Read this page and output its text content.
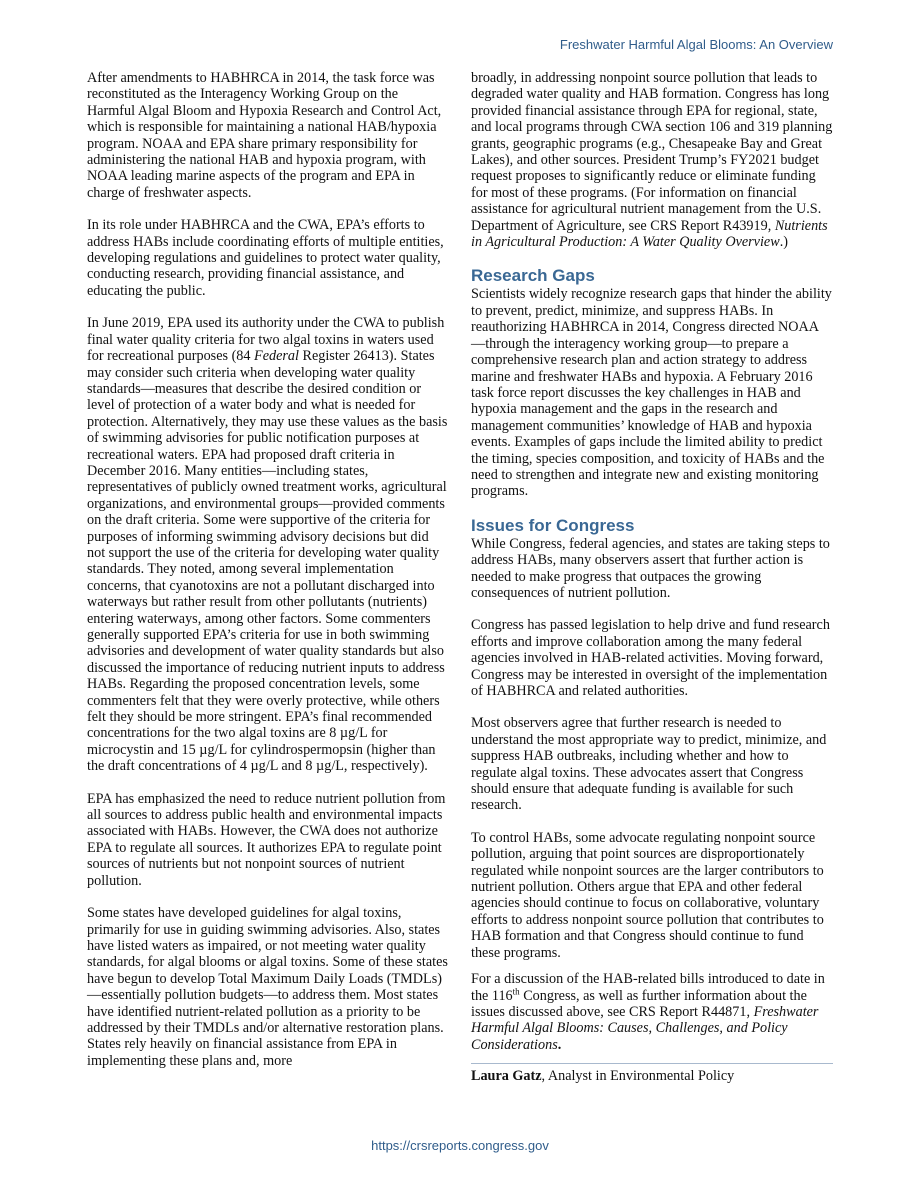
Freshwater Harmful Algal Blooms: An Overview

After amendments to HABHRCA in 2014, the task force was reconstituted as the Interagency Working Group on the Harmful Algal Bloom and Hypoxia Research and Control Act, which is responsible for maintaining a national HAB/hypoxia program. NOAA and EPA share primary responsibility for administering the national HAB and hypoxia program, with NOAA leading marine aspects of the program and EPA in charge of freshwater aspects.

In its role under HABHRCA and the CWA, EPA’s efforts to address HABs include coordinating efforts of multiple entities, developing regulations and guidelines to protect water quality, conducting research, providing financial assistance, and educating the public.

In June 2019, EPA used its authority under the CWA to publish final water quality criteria for two algal toxins in waters used for recreational purposes (84 Federal Register 26413). States may consider such criteria when developing water quality standards—measures that describe the desired condition or level of protection of a water body and what is needed for protection. Alternatively, they may use these values as the basis of swimming advisories for public notification purposes at recreational waters. EPA had proposed draft criteria in December 2016. Many entities—including states, representatives of publicly owned treatment works, agricultural organizations, and environmental groups—provided comments on the draft criteria. Some were supportive of the criteria for purposes of informing swimming advisory decisions but did not support the use of the criteria for developing water quality standards. They noted, among several implementation concerns, that cyanotoxins are not a pollutant discharged into waterways but rather result from other pollutants (nutrients) entering waterways, among other factors. Some commenters generally supported EPA’s criteria for use in both swimming advisories and development of water quality standards but also discussed the importance of reducing nutrient inputs to address HABs. Regarding the proposed concentration levels, some commenters felt that they were overly protective, while others felt they should be more stringent. EPA’s final recommended concentrations for the two algal toxins are 8 µg/L for microcystin and 15 µg/L for cylindrospermopsin (higher than the draft concentrations of 4 µg/L and 8 µg/L, respectively).

EPA has emphasized the need to reduce nutrient pollution from all sources to address public health and environmental impacts associated with HABs. However, the CWA does not authorize EPA to regulate all sources. It authorizes EPA to regulate point sources of nutrients but not nonpoint sources of nutrient pollution.

Some states have developed guidelines for algal toxins, primarily for use in guiding swimming advisories. Also, states have listed waters as impaired, or not meeting water quality standards, for algal blooms or algal toxins. Some of these states have begun to develop Total Maximum Daily Loads (TMDLs)—essentially pollution budgets—to address them. Most states have identified nutrient-related pollution as a priority to be addressed by their TMDLs and/or alternative restoration plans. States rely heavily on financial assistance from EPA in implementing these plans and, more

broadly, in addressing nonpoint source pollution that leads to degraded water quality and HAB formation. Congress has long provided financial assistance through EPA for regional, state, and local programs through CWA section 106 and 319 planning grants, geographic programs (e.g., Chesapeake Bay and Great Lakes), and other sources. President Trump’s FY2021 budget request proposes to significantly reduce or eliminate funding for most of these programs. (For information on financial assistance for agricultural nutrient management from the U.S. Department of Agriculture, see CRS Report R43919, Nutrients in Agricultural Production: A Water Quality Overview.)

Research Gaps

Scientists widely recognize research gaps that hinder the ability to prevent, predict, minimize, and suppress HABs. In reauthorizing HABHRCA in 2014, Congress directed NOAA—through the interagency working group—to prepare a comprehensive research plan and action strategy to address marine and freshwater HABs and hypoxia. A February 2016 task force report discusses the key challenges in HAB and hypoxia management and the gaps in the research and management communities’ knowledge of HAB and hypoxia events. Examples of gaps include the limited ability to predict the timing, species composition, and toxicity of HABs and the need to strengthen and integrate new and existing monitoring programs.

Issues for Congress

While Congress, federal agencies, and states are taking steps to address HABs, many observers assert that further action is needed to make progress that outpaces the growing consequences of nutrient pollution.

Congress has passed legislation to help drive and fund research efforts and improve collaboration among the many federal agencies involved in HAB-related activities. Moving forward, Congress may be interested in oversight of the implementation of HABHRCA and related authorities.

Most observers agree that further research is needed to understand the most appropriate way to predict, minimize, and suppress HAB outbreaks, including whether and how to regulate algal toxins. These advocates assert that Congress should ensure that adequate funding is available for such research.

To control HABs, some advocate regulating nonpoint source pollution, arguing that point sources are disproportionately regulated while nonpoint sources are the larger contributors to nutrient pollution. Others argue that EPA and other federal agencies should continue to focus on collaborative, voluntary efforts to address nonpoint source pollution that contributes to HAB formation and that Congress should continue to fund these programs.

For a discussion of the HAB-related bills introduced to date in the 116th Congress, as well as further information about the issues discussed above, see CRS Report R44871, Freshwater Harmful Algal Blooms: Causes, Challenges, and Policy Considerations.

Laura Gatz, Analyst in Environmental Policy
https://crsreports.congress.gov
